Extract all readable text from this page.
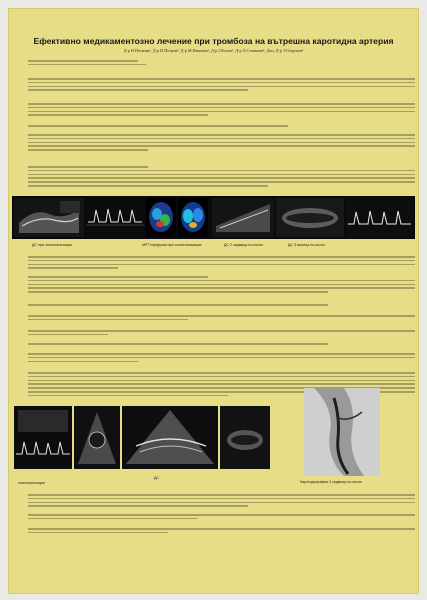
Ефективно медикаментозно лечение при тромбоза на вътрешна каротидна артерия
Д-р И.Петкова¹, Д-р Н.Петров², Д-р М.Иванова¹, Д-р Г.Колев¹, Д-р Л.Стоянова², Доц. Д-р Т.Георгиев¹
ДС при хоспитализация	МРТ перфузия при хоспитализация	ДС 2 седмици по-късно	ДС 3 месеца по-късно
хоспитализация
ДС
Каротидография 3 седмици по-късно
